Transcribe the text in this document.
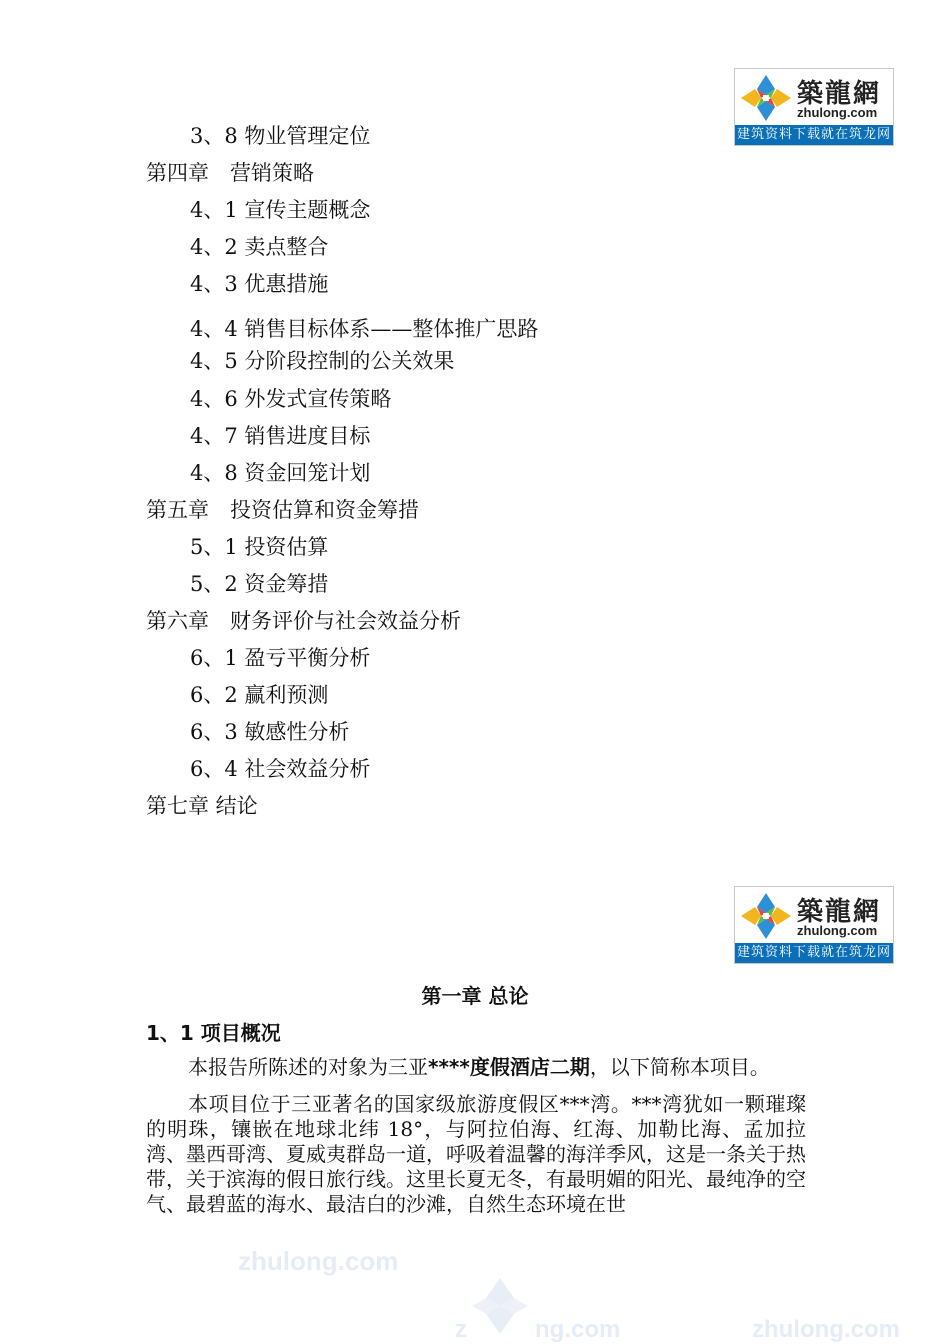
築龍網
zhulong.com
建筑资料下载就在筑龙网
3、8 物业管理定位
第四章　营销策略
4、1 宣传主题概念
4、2 卖点整合
4、3 优惠措施
4、4 销售目标体系——整体推广思路
4、5 分阶段控制的公关效果
4、6 外发式宣传策略
4、7 销售进度目标
4、8 资金回笼计划
第五章　投资估算和资金筹措
5、1 投资估算
5、2 资金筹措
第六章　财务评价与社会效益分析
6、1 盈亏平衡分析
6、2 赢利预测
6、3 敏感性分析
6、4 社会效益分析
第七章 结论
築龍網
zhulong.com
建筑资料下载就在筑龙网
第一章 总论
1、1 项目概况
本报告所陈述的对象为三亚****度假酒店二期，以下简称本项目。
本项目位于三亚著名的国家级旅游度假区***湾。***湾犹如一颗璀璨的明珠，镶嵌在地球北纬 18°，与阿拉伯海、红海、加勒比海、孟加拉湾、墨西哥湾、夏威夷群岛一道，呼吸着温馨的海洋季风，这是一条关于热带，关于滨海的假日旅行线。这里长夏无冬，有最明媚的阳光、最纯净的空气、最碧蓝的海水、最洁白的沙滩，自然生态环境在世
zhulong.com
z	ng.com	zhulong.com
